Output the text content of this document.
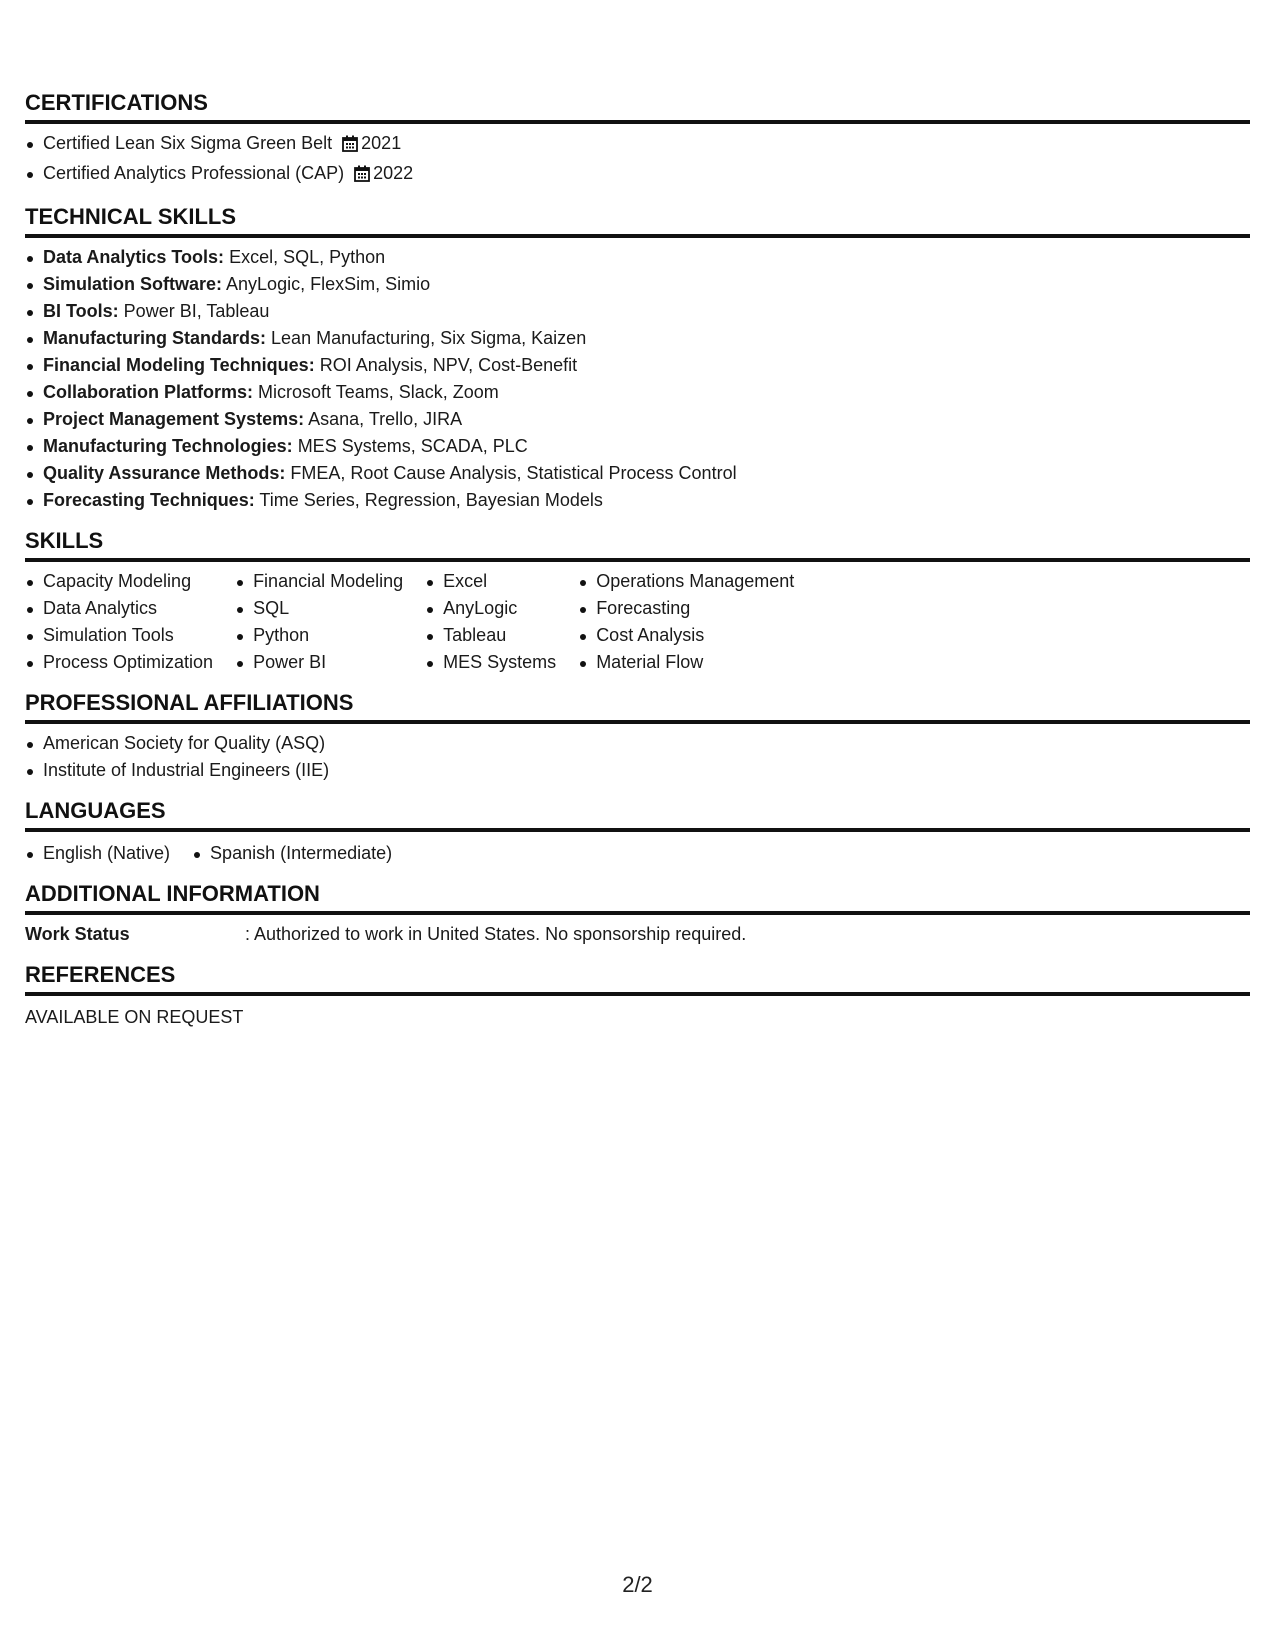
CERTIFICATIONS
Certified Lean Six Sigma Green Belt 2021
Certified Analytics Professional (CAP) 2022
TECHNICAL SKILLS
Data Analytics Tools: Excel, SQL, Python
Simulation Software: AnyLogic, FlexSim, Simio
BI Tools: Power BI, Tableau
Manufacturing Standards: Lean Manufacturing, Six Sigma, Kaizen
Financial Modeling Techniques: ROI Analysis, NPV, Cost-Benefit
Collaboration Platforms: Microsoft Teams, Slack, Zoom
Project Management Systems: Asana, Trello, JIRA
Manufacturing Technologies: MES Systems, SCADA, PLC
Quality Assurance Methods: FMEA, Root Cause Analysis, Statistical Process Control
Forecasting Techniques: Time Series, Regression, Bayesian Models
SKILLS
Capacity Modeling
Data Analytics
Simulation Tools
Process Optimization
Financial Modeling
SQL
Python
Power BI
Excel
AnyLogic
Tableau
MES Systems
Operations Management
Forecasting
Cost Analysis
Material Flow
PROFESSIONAL AFFILIATIONS
American Society for Quality (ASQ)
Institute of Industrial Engineers (IIE)
LANGUAGES
English (Native)	Spanish (Intermediate)
ADDITIONAL INFORMATION
Work Status	: Authorized to work in United States. No sponsorship required.
REFERENCES
AVAILABLE ON REQUEST
2/2
